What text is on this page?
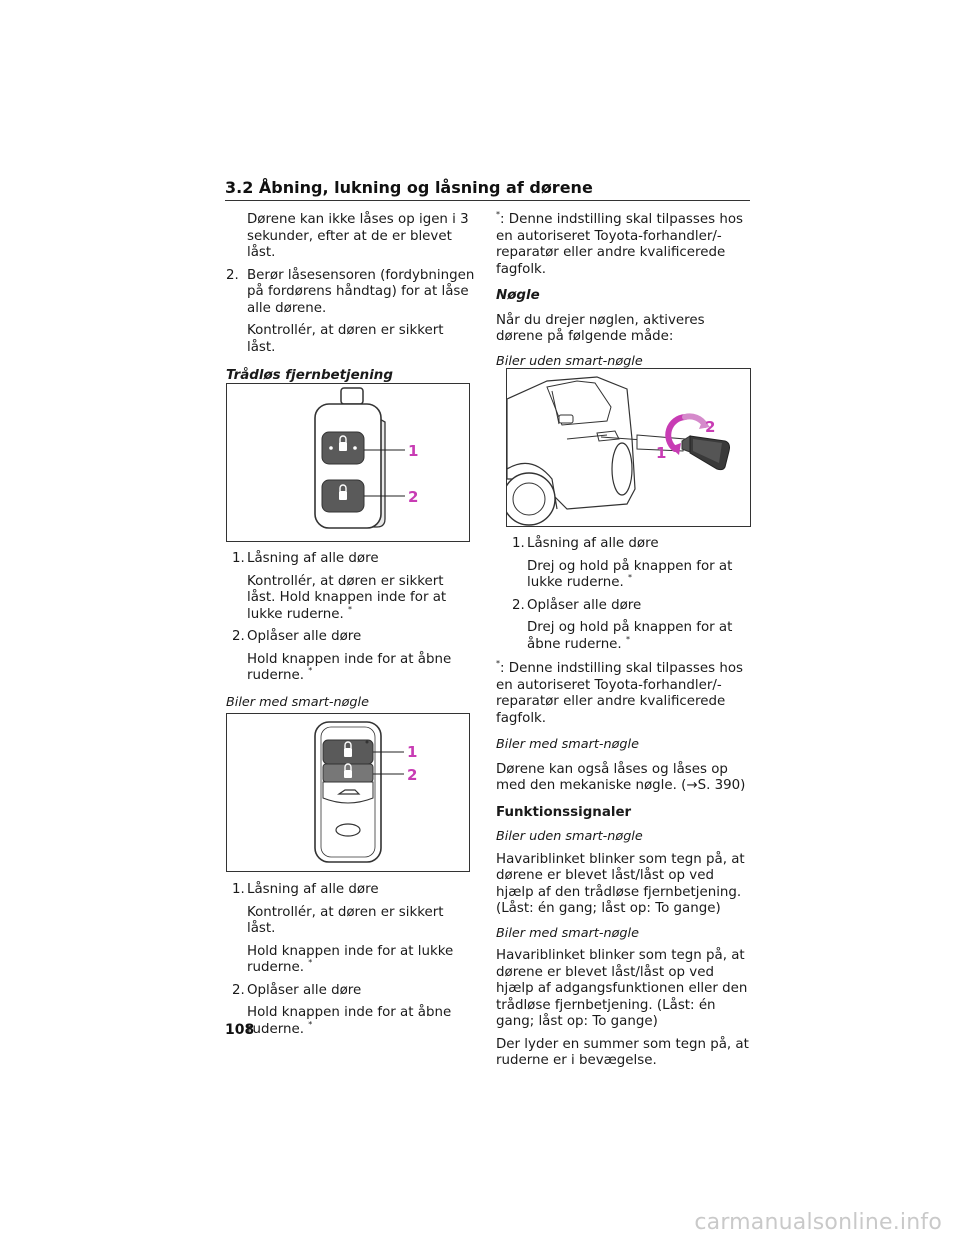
3.2 Åbning, lukning og låsning af dørene

Dørene kan ikke låses op igen i 3 sekunder, efter at de er blevet låst.

2. Berør låsesensoren (fordybningen på fordørens håndtag) for at låse alle dørene.

Kontrollér, at døren er sikkert låst.

Trådløs fjernbetjening

1
2
1. Låsning af alle døre

Kontrollér, at døren er sikkert låst. Hold knappen inde for at lukke ruderne. *

2. Oplåser alle døre

Hold knappen inde for at åbne ruderne. *

Biler med smart-nøgle

1
2
1. Låsning af alle døre

Kontrollér, at døren er sikkert låst.

Hold knappen inde for at lukke ruderne. *

2. Oplåser alle døre

Hold knappen inde for at åbne ruderne. *

*: Denne indstilling skal tilpasses hos en autoriseret Toyota-forhandler/-reparatør eller andre kvalificerede fagfolk.

Nøgle

Når du drejer nøglen, aktiveres dørene på følgende måde:

Biler uden smart-nøgle

1
2
1. Låsning af alle døre

Drej og hold på knappen for at lukke ruderne. *

2. Oplåser alle døre

Drej og hold på knappen for at åbne ruderne. *

*: Denne indstilling skal tilpasses hos en autoriseret Toyota-forhandler/-reparatør eller andre kvalificerede fagfolk.

Biler med smart-nøgle

Dørene kan også låses og låses op med den mekaniske nøgle. (→S. 390)

Funktionssignaler

Biler uden smart-nøgle

Havariblinket blinker som tegn på, at dørene er blevet låst/låst op ved hjælp af den trådløse fjernbetjening. (Låst: én gang; låst op: To gange)

Biler med smart-nøgle

Havariblinket blinker som tegn på, at dørene er blevet låst/låst op ved hjælp af adgangsfunktionen eller den trådløse fjernbetjening. (Låst: én gang; låst op: To gange)

Der lyder en summer som tegn på, at ruderne er i bevægelse.

108
carmanualsonline.info
